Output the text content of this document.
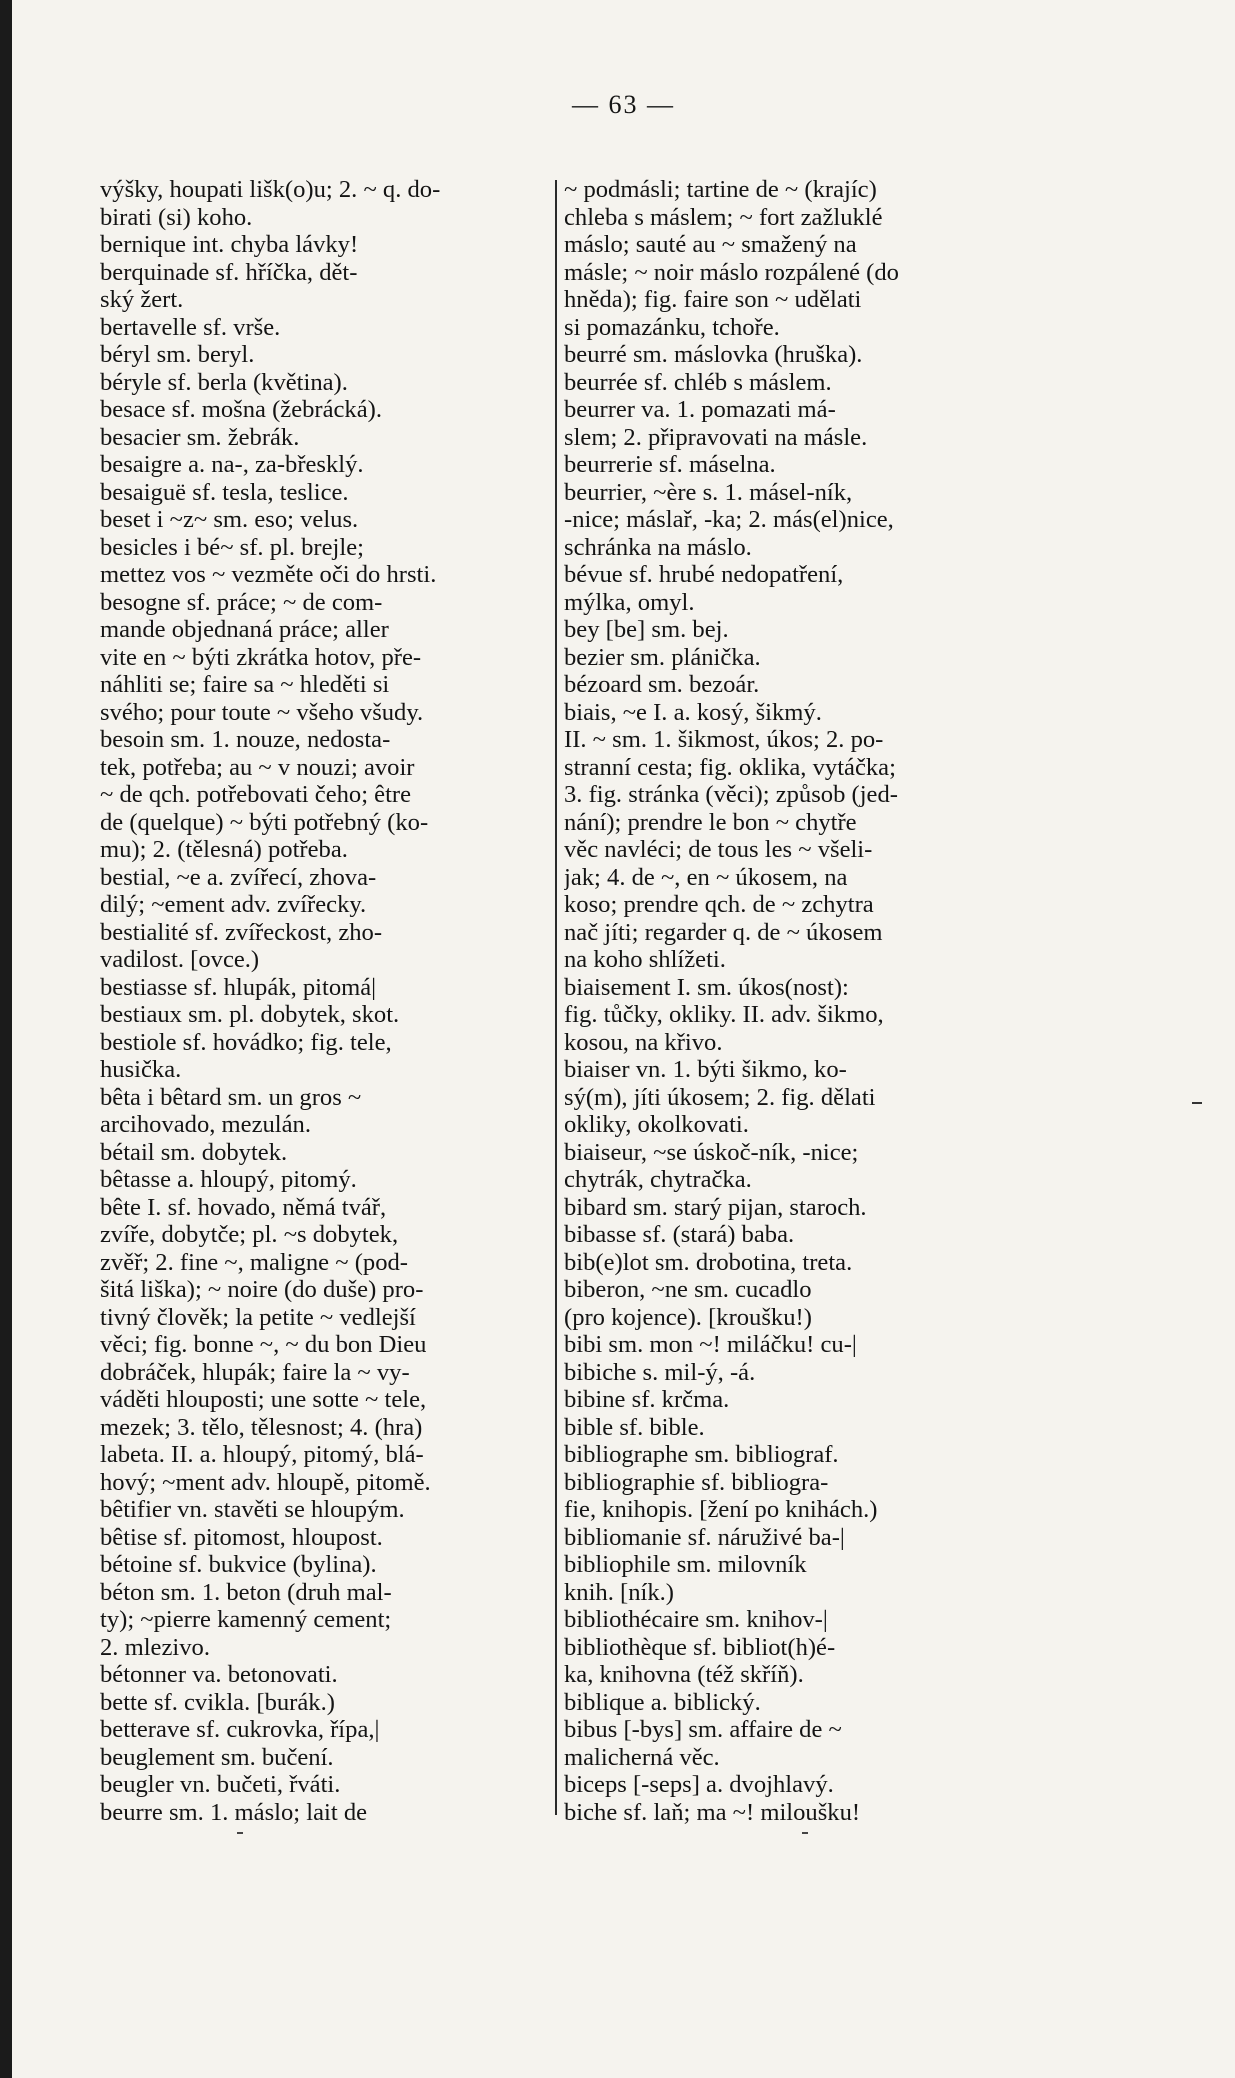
— 63 —
výšky, houpati lišk(o)u; 2. ~ q. do-
birati (si) koho.
bernique int. chyba lávky!
berquinade sf. hříčka, dět-
ský žert.
bertavelle sf. vrše.
béryl sm. beryl.
béryle sf. berla (květina).
besace sf. mošna (žebrácká).
besacier sm. žebrák.
besaigre a. na-, za-břesklý.
besaiguë sf. tesla, teslice.
beset i ~z~ sm. eso; velus.
besicles i bé~ sf. pl. brejle;
mettez vos ~ vezměte oči do hrsti.
besogne sf. práce; ~ de com-
mande objednaná práce; aller
vite en ~ býti zkrátka hotov, pře-
náhliti se; faire sa ~ hleděti si
svého; pour toute ~ všeho všudy.
besoin sm. 1. nouze, nedosta-
tek, potřeba; au ~ v nouzi; avoir
~ de qch. potřebovati čeho; être
de (quelque) ~ býti potřebný (ko-
mu); 2. (tělesná) potřeba.
bestial, ~e a. zvířecí, zhova-
dilý; ~ement adv. zvířecky.
bestialité sf. zvířeckost, zho-
vadilost. [ovce.)
bestiasse sf. hlupák, pitomá|
bestiaux sm. pl. dobytek, skot.
bestiole sf. hovádko; fig. tele,
husička.
bêta i bêtard sm. un gros ~
arcihovado, mezulán.
bétail sm. dobytek.
bêtasse a. hloupý, pitomý.
bête I. sf. hovado, němá tvář,
zvíře, dobytče; pl. ~s dobytek,
zvěř; 2. fine ~, maligne ~ (pod-
šitá liška); ~ noire (do duše) pro-
tivný člověk; la petite ~ vedlejší
věci; fig. bonne ~, ~ du bon Dieu
dobráček, hlupák; faire la ~ vy-
váděti hlouposti; une sotte ~ tele,
mezek; 3. tělo, tělesnost; 4. (hra)
labeta. II. a. hloupý, pitomý, blá-
hový; ~ment adv. hloupě, pitomě.
bêtifier vn. stavěti se hloupým.
bêtise sf. pitomost, hloupost.
bétoine sf. bukvice (bylina).
béton sm. 1. beton (druh mal-
ty); ~pierre kamenný cement;
2. mlezivo.
bétonner va. betonovati.
bette sf. cvikla. [burák.)
betterave sf. cukrovka, řípa,|
beuglement sm. bučení.
beugler vn. bučeti, řváti.
beurre sm. 1. máslo; lait de
~ podmásli; tartine de ~ (krajíc)
chleba s máslem; ~ fort zažluklé
máslo; sauté au ~ smažený na
másle; ~ noir máslo rozpálené (do
hněda); fig. faire son ~ udělati
si pomazánku, tchoře.
beurré sm. máslovka (hruška).
beurrée sf. chléb s máslem.
beurrer va. 1. pomazati má-
slem; 2. připravovati na másle.
beurrerie sf. máselna.
beurrier, ~ère s. 1. másel-ník,
-nice; máslař, -ka; 2. más(el)nice,
schránka na máslo.
bévue sf. hrubé nedopatření,
mýlka, omyl.
bey [be] sm. bej.
bezier sm. plánička.
bézoard sm. bezoár.
biais, ~e I. a. kosý, šikmý.
II. ~ sm. 1. šikmost, úkos; 2. po-
stranní cesta; fig. oklika, vytáčka;
3. fig. stránka (věci); způsob (jed-
nání); prendre le bon ~ chytře
věc navléci; de tous les ~ všeli-
jak; 4. de ~, en ~ úkosem, na
koso; prendre qch. de ~ zchytra
nač jíti; regarder q. de ~ úkosem
na koho shlížeti.
biaisement I. sm. úkos(nost):
fig. tůčky, okliky. II. adv. šikmo,
kosou, na křivo.
biaiser vn. 1. býti šikmo, ko-
sý(m), jíti úkosem; 2. fig. dělati
okliky, okolkovati.
biaiseur, ~se úskoč-ník, -nice;
chytrák, chytračka.
bibard sm. starý pijan, staroch.
bibasse sf. (stará) baba.
bib(e)lot sm. drobotina, treta.
biberon, ~ne sm. cucadlo
(pro kojence). [kroušku!)
bibi sm. mon ~! miláčku! cu-|
bibiche s. mil-ý, -á.
bibine sf. krčma.
bible sf. bible.
bibliographe sm. bibliograf.
bibliographie sf. bibliogra-
fie, knihopis. [žení po knihách.)
bibliomanie sf. náruživé ba-|
bibliophile sm. milovník
knih. [ník.)
bibliothécaire sm. knihov-|
bibliothèque sf. bibliot(h)é-
ka, knihovna (též skříň).
biblique a. biblický.
bibus [-bys] sm. affaire de ~
malicherná věc.
biceps [-seps] a. dvojhlavý.
biche sf. laň; ma ~! miloušku!
